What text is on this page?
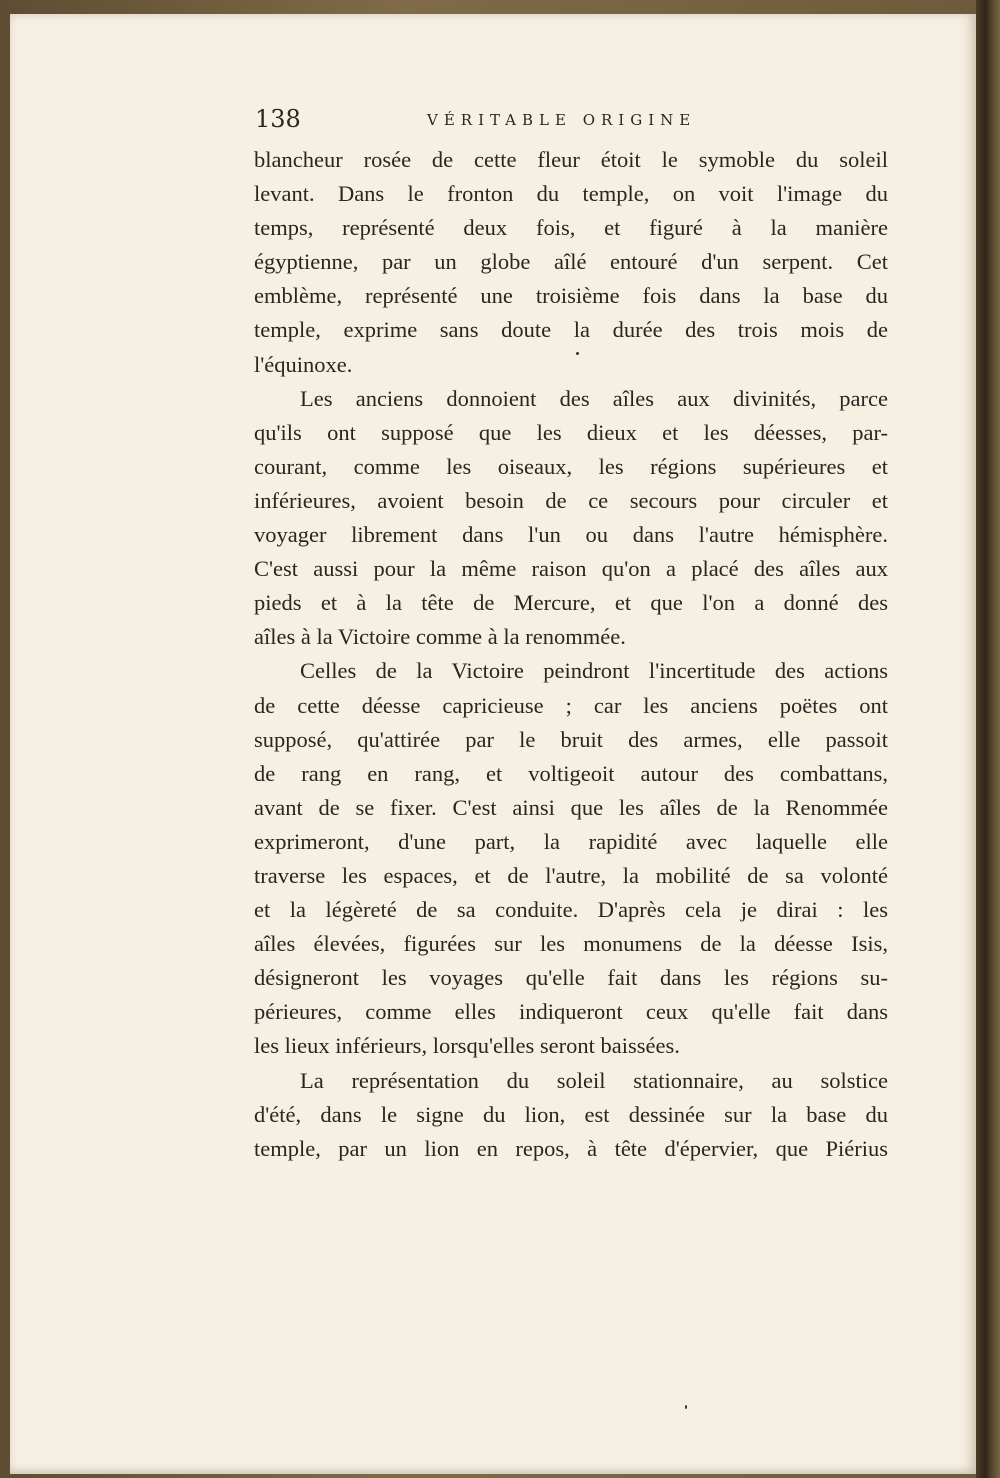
138	VÉRITABLE ORIGINE
blancheur rosée de cette fleur étoit le symoble du soleil
levant. Dans le fronton du temple, on voit l'image du
temps, représenté deux fois, et figuré à la manière
égyptienne, par un globe aîlé entouré d'un serpent. Cet
emblème, représenté une troisième fois dans la base du
temple, exprime sans doute la durée des trois mois de
l'équinoxe.
Les anciens donnoient des aîles aux divinités, parce
qu'ils ont supposé que les dieux et les déesses, par-
courant, comme les oiseaux, les régions supérieures et
inférieures, avoient besoin de ce secours pour circuler et
voyager librement dans l'un ou dans l'autre hémisphère.
C'est aussi pour la même raison qu'on a placé des aîles aux
pieds et à la tête de Mercure, et que l'on a donné des
aîles à la Victoire comme à la renommée.
Celles de la Victoire peindront l'incertitude des actions
de cette déesse capricieuse ; car les anciens poëtes ont
supposé, qu'attirée par le bruit des armes, elle passoit
de rang en rang, et voltigeoit autour des combattans,
avant de se fixer. C'est ainsi que les aîles de la Renommée
exprimeront, d'une part, la rapidité avec laquelle elle
traverse les espaces, et de l'autre, la mobilité de sa volonté
et la légèreté de sa conduite. D'après cela je dirai : les
aîles élevées, figurées sur les monumens de la déesse Isis,
désigneront les voyages qu'elle fait dans les régions su-
périeures, comme elles indiqueront ceux qu'elle fait dans
les lieux inférieurs, lorsqu'elles seront baissées.
La représentation du soleil stationnaire, au solstice
d'été, dans le signe du lion, est dessinée sur la base du
temple, par un lion en repos, à tête d'épervier, que Piérius
